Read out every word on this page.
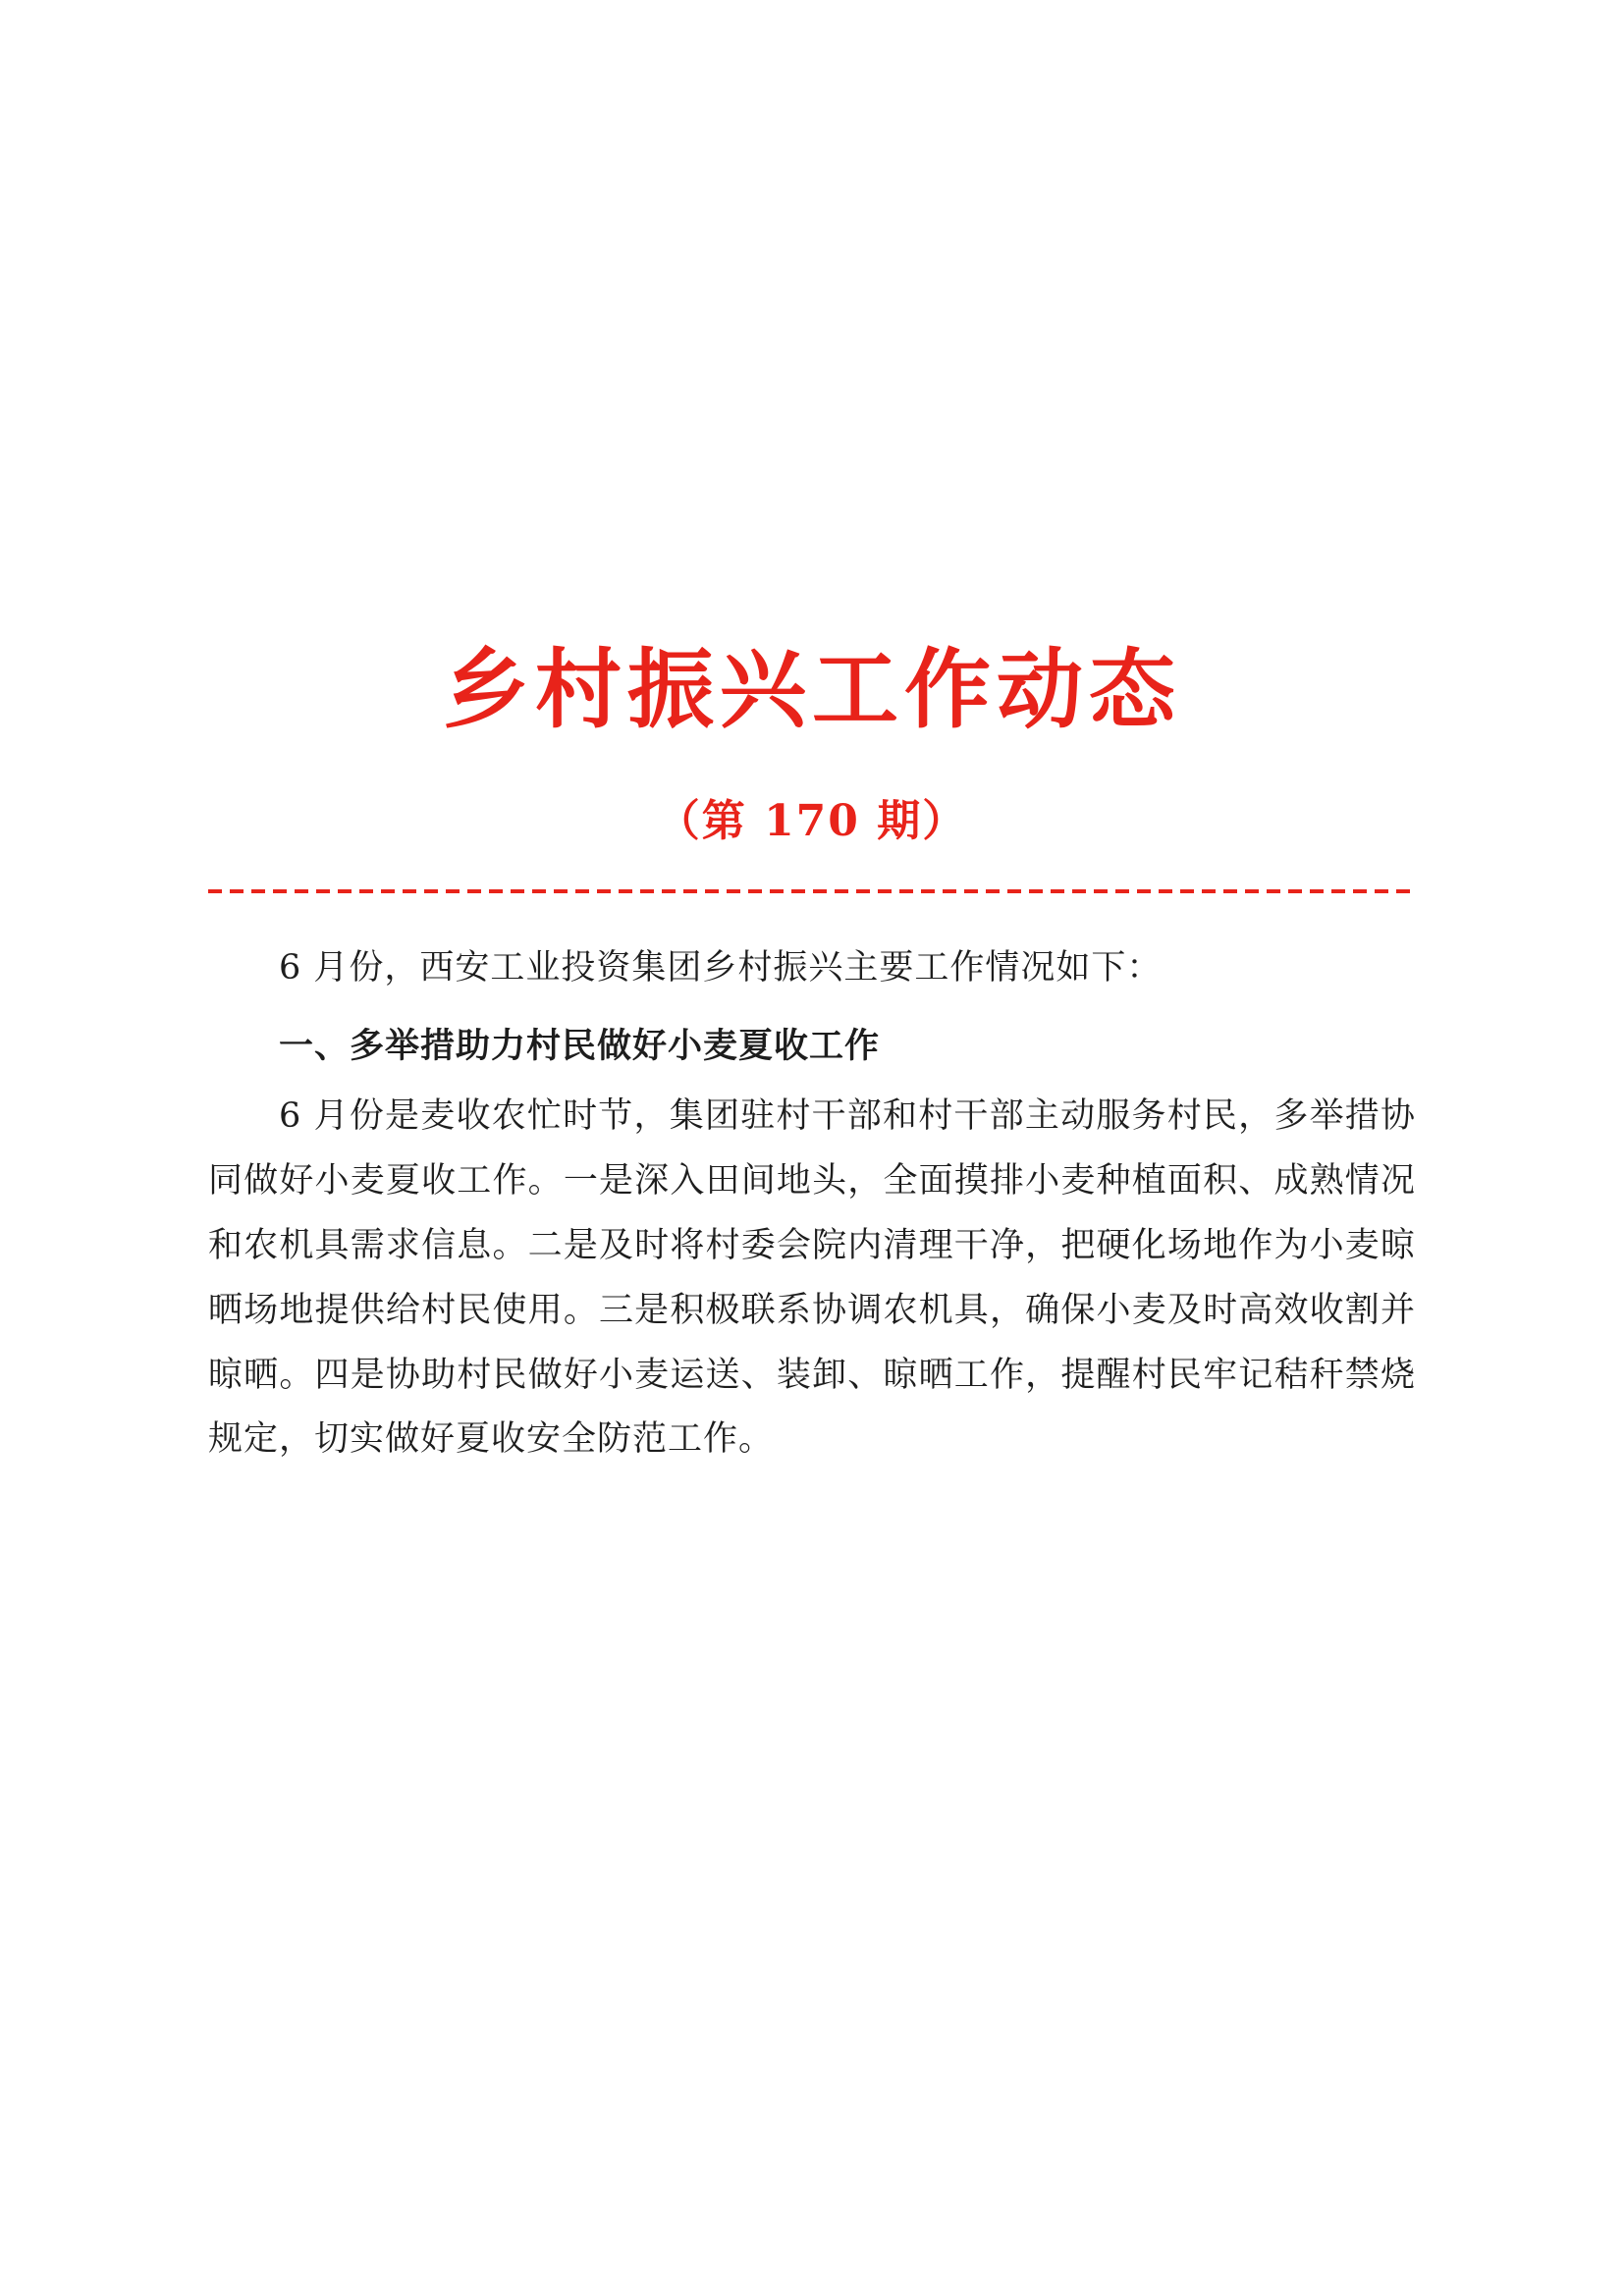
乡村振兴工作动态
（第 170 期）

6 月份，西安工业投资集团乡村振兴主要工作情况如下：

一、多举措助力村民做好小麦夏收工作

6 月份是麦收农忙时节，集团驻村干部和村干部主动服务村民，多举措协同做好小麦夏收工作。一是深入田间地头，全面摸排小麦种植面积、成熟情况和农机具需求信息。二是及时将村委会院内清理干净，把硬化场地作为小麦晾晒场地提供给村民使用。三是积极联系协调农机具，确保小麦及时高效收割并晾晒。四是协助村民做好小麦运送、装卸、晾晒工作，提醒村民牢记秸秆禁烧规定，切实做好夏收安全防范工作。
